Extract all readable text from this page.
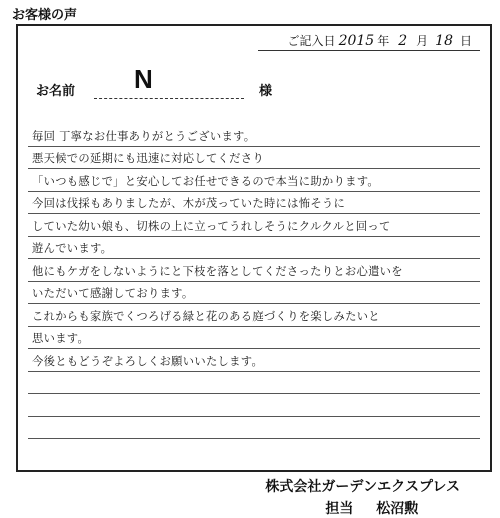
お客様の声
ご記入日 2015 年 2 月 18 日
お名前 N	様
毎回 丁寧なお仕事ありがとうございます。
悪天候での延期にも迅速に対応してくださり
「いつも感じで」と安心してお任せできるので本当に助かります。
今回は伐採もありましたが、木が茂っていた時には怖そうに
していた幼い娘も、切株の上に立ってうれしそうにクルクルと回って
遊んでいます。
他にもケガをしないようにと下枝を落としてくださったりとお心遣いを
いただいて感謝しております。
これからも家族でくつろげる緑と花のある庭づくりを楽しみたいと
思います。
今後ともどうぞよろしくお願いいたします。
株式会社ガーデンエクスプレス
担当 松沼勲
